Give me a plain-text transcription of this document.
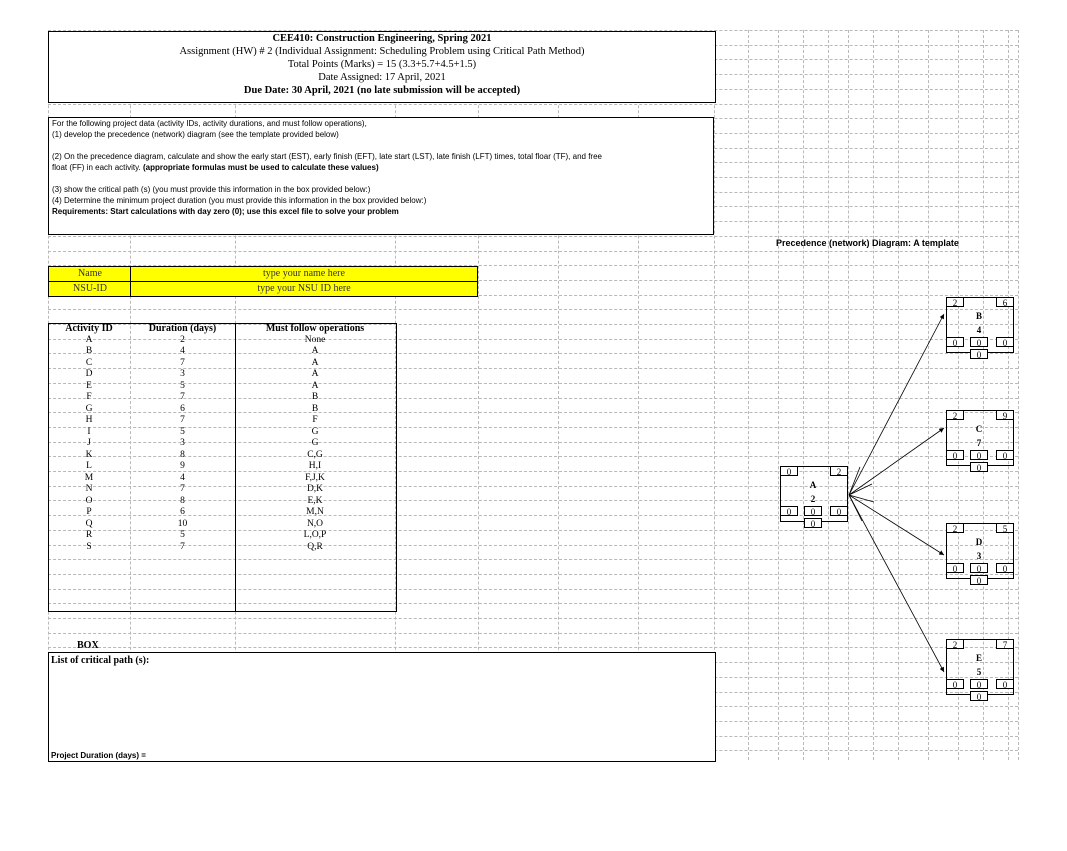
CEE410: Construction Engineering, Spring 2021
Assignment (HW) # 2 (Individual Assignment: Scheduling Problem using Critical Path Method)
Total Points (Marks) = 15 (3.3+5.7+4.5+1.5)
Date Assigned: 17 April, 2021
Due Date: 30 April, 2021 (no late submission will be accepted)
For the following project data (activity IDs, activity durations, and must follow operations),
(1) develop the precedence (network) diagram (see the template provided below)
(2) On the precedence diagram, calculate and show the early start (EST), early finish (EFT), late start (LST), late finish (LFT) times, total floar (TF), and free
float (FF) in each activity. (appropriate formulas must be used to calculate these values)
(3) show the critical path (s) (you must provide this information in the box provided below:)
(4) Determine the minimum project duration (you must provide this information in the box provided below:)
Requirements: Start calculations with day zero (0); use this excel file to solve your problem
Name	type your name here
NSU-ID	type your NSU ID here
Activity ID	Duration (days)	Must follow operations
A	2	None
B	4	A
C	7	A
D	3	A
E	5	A
F	7	B
G	6	B
H	7	F
I	5	G
J	3	G
K	8	C,G
L	9	H,I
M	4	F,J,K
N	7	D,K
O	8	E,K
P	6	M,N
Q	10	N,O
R	5	L,O,P
S	7	Q,R
BOX
List of critical path (s):
Project Duration (days) =
Precedence (network) Diagram: A template
0	2
A
2
0	0	0
0
2	6
B
4
0	0	0
0
2	9
C
7
0	0	0
0
2	5
D
3
0	0	0
0
2	7
E
5
0	0	0
0
